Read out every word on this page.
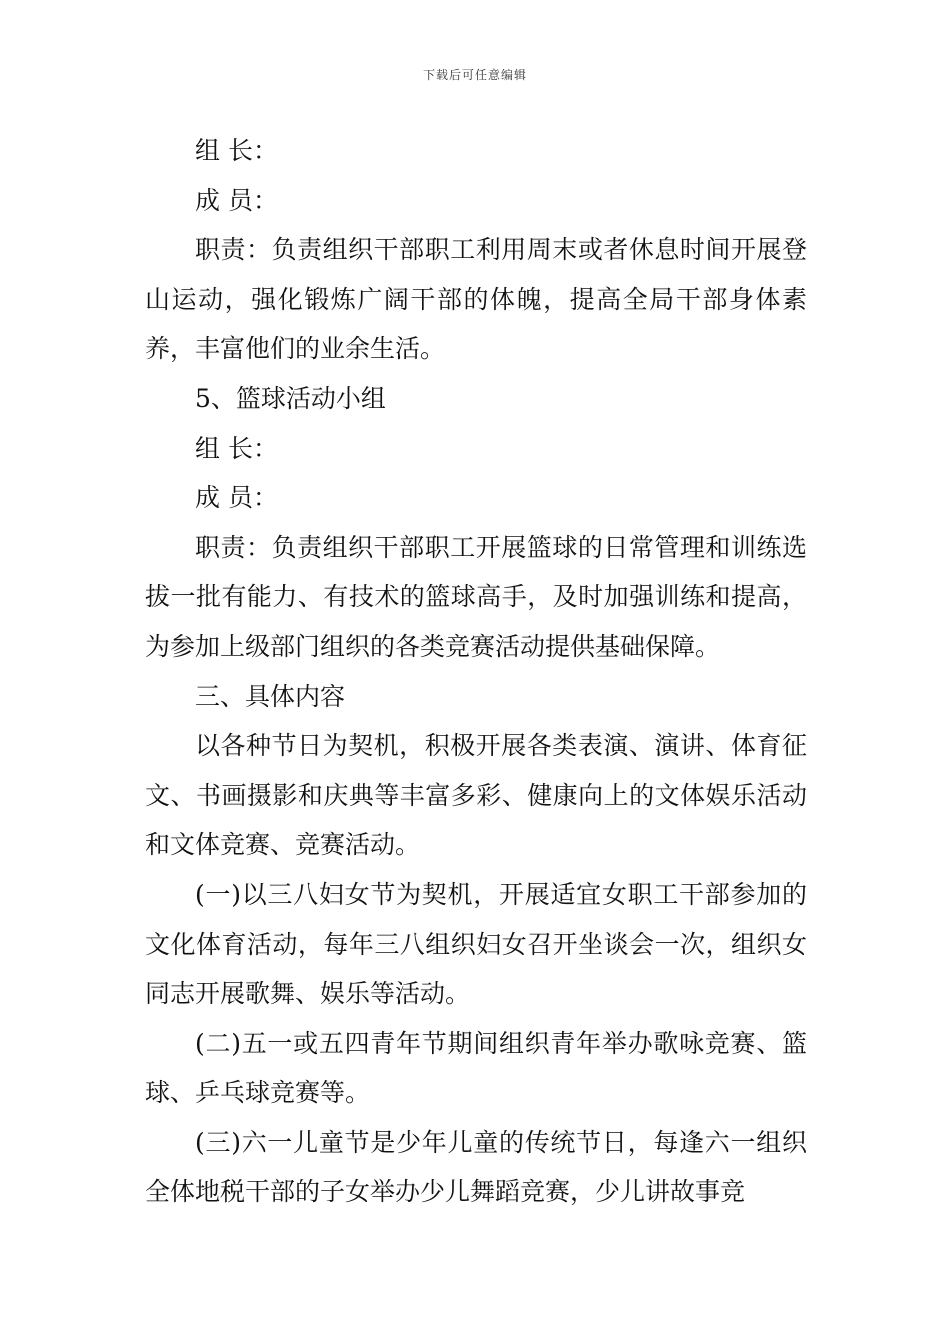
下载后可任意编辑

组 长：

成 员：

职责：负责组织干部职工利用周末或者休息时间开展登山运动，强化锻炼广阔干部的体魄，提高全局干部身体素养，丰富他们的业余生活。

5、篮球活动小组

组 长：

成 员：

职责：负责组织干部职工开展篮球的日常管理和训练选拔一批有能力、有技术的篮球高手，及时加强训练和提高，为参加上级部门组织的各类竞赛活动提供基础保障。

三、具体内容

以各种节日为契机，积极开展各类表演、演讲、体育征文、书画摄影和庆典等丰富多彩、健康向上的文体娱乐活动和文体竞赛、竞赛活动。

(一)以三八妇女节为契机，开展适宜女职工干部参加的文化体育活动，每年三八组织妇女召开坐谈会一次，组织女同志开展歌舞、娱乐等活动。

(二)五一或五四青年节期间组织青年举办歌咏竞赛、篮球、乒乓球竞赛等。

(三)六一儿童节是少年儿童的传统节日，每逢六一组织全体地税干部的子女举办少儿舞蹈竞赛，少儿讲故事竞
